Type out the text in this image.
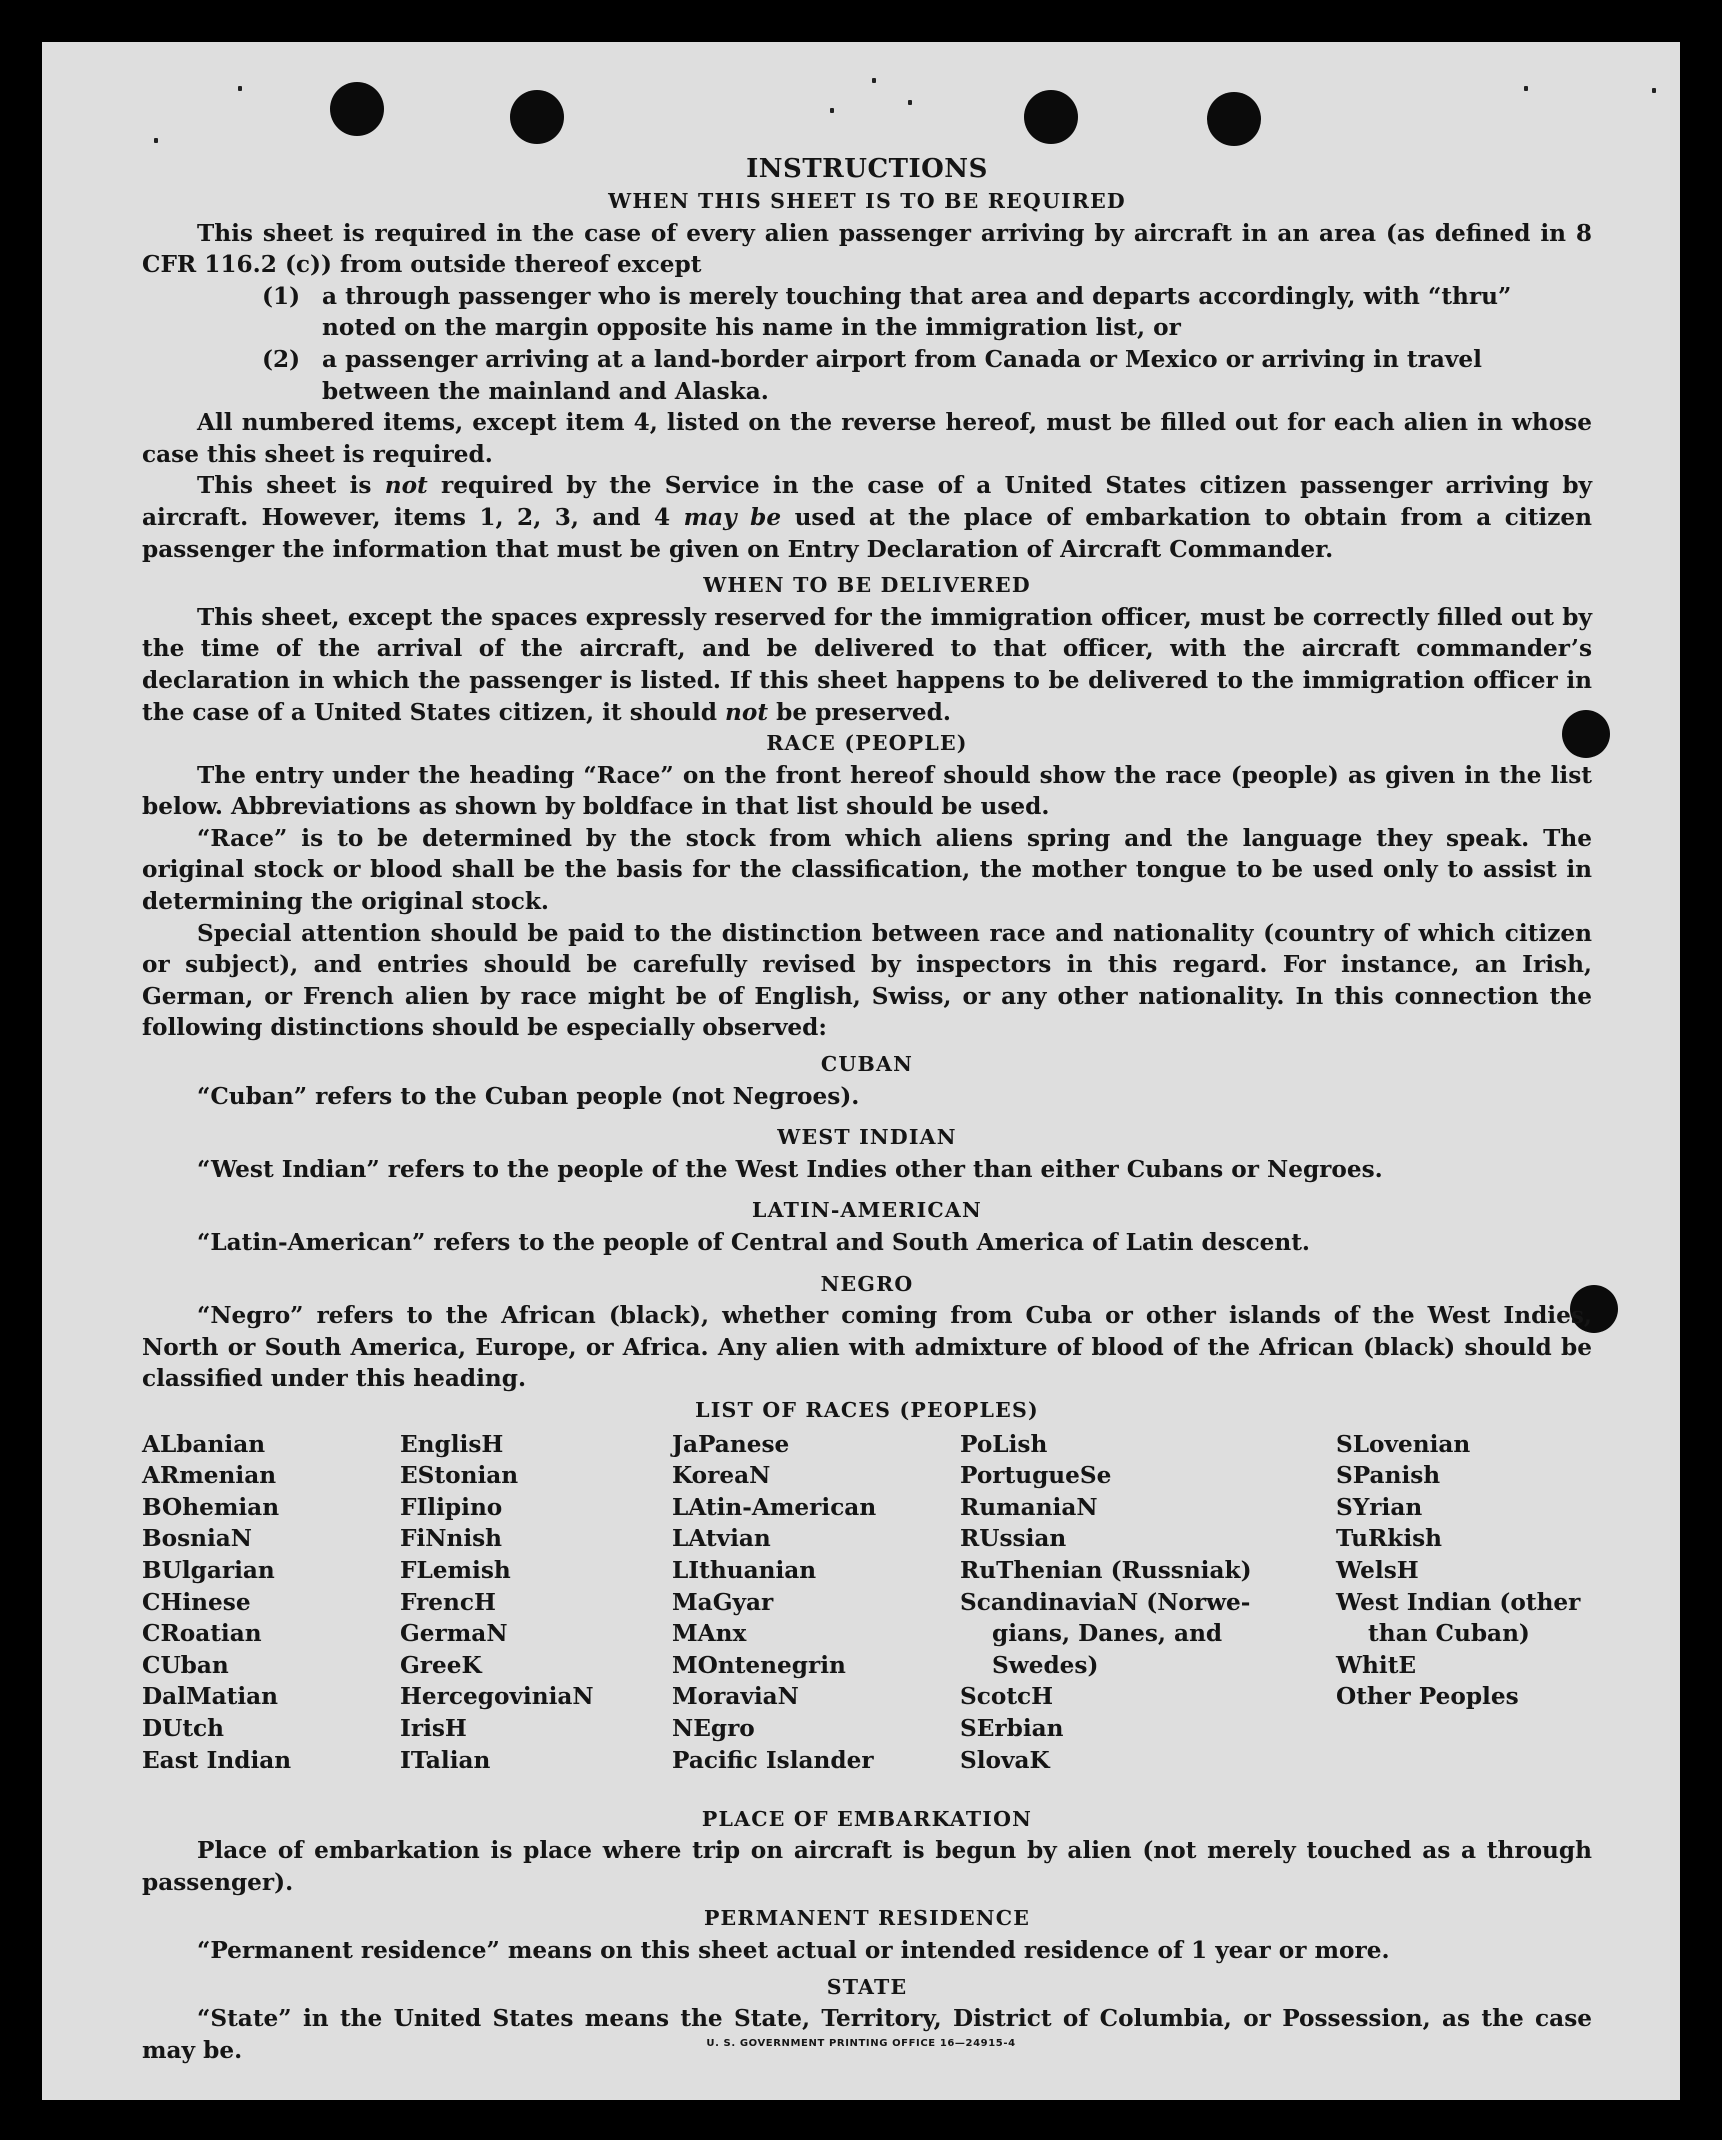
INSTRUCTIONS
WHEN THIS SHEET IS TO BE REQUIRED

This sheet is required in the case of every alien passenger arriving by aircraft in an area (as defined in 8 CFR 116.2 (c)) from outside thereof except

(1) a through passenger who is merely touching that area and departs accordingly, with “thru” noted on the margin opposite his name in the immigration list, or

(2) a passenger arriving at a land-border airport from Canada or Mexico or arriving in travel between the mainland and Alaska.

All numbered items, except item 4, listed on the reverse hereof, must be filled out for each alien in whose case this sheet is required.

This sheet is not required by the Service in the case of a United States citizen passenger arriving by aircraft. However, items 1, 2, 3, and 4 may be used at the place of embarkation to obtain from a citizen passenger the information that must be given on Entry Declaration of Aircraft Commander.

WHEN TO BE DELIVERED

This sheet, except the spaces expressly reserved for the immigration officer, must be correctly filled out by the time of the arrival of the aircraft, and be delivered to that officer, with the aircraft commander’s declaration in which the passenger is listed. If this sheet happens to be delivered to the immigration officer in the case of a United States citizen, it should not be preserved.

RACE (PEOPLE)

The entry under the heading “Race” on the front hereof should show the race (people) as given in the list below. Abbreviations as shown by boldface in that list should be used.

“Race” is to be determined by the stock from which aliens spring and the language they speak. The original stock or blood shall be the basis for the classification, the mother tongue to be used only to assist in determining the original stock.

Special attention should be paid to the distinction between race and nationality (country of which citizen or subject), and entries should be carefully revised by inspectors in this regard. For instance, an Irish, German, or French alien by race might be of English, Swiss, or any other nationality. In this connection the following distinctions should be especially observed:

CUBAN

“Cuban” refers to the Cuban people (not Negroes).

WEST INDIAN

“West Indian” refers to the people of the West Indies other than either Cubans or Negroes.

LATIN-AMERICAN

“Latin-American” refers to the people of Central and South America of Latin descent.

NEGRO

“Negro” refers to the African (black), whether coming from Cuba or other islands of the West Indies, North or South America, Europe, or Africa. Any alien with admixture of blood of the African (black) should be classified under this heading.

LIST OF RACES (PEOPLES)
ALbanian
ARmenian
BOhemian
BosniaN
BUlgarian
CHinese
CRoatian
CUban
DalMatian
DUtch
East Indian
EnglisH
EStonian
FIlipino
FiNnish
FLemish
FrencH
GermaN
GreeK
HercegoviniaN
IrisH
ITalian
JaPanese
KoreaN
LAtin-American
LAtvian
LIthuanian
MaGyar
MAnx
MOntenegrin
MoraviaN
NEgro
Pacific Islander
PoLish
PortugueSe
RumaniaN
RUssian
RuThenian (Russniak)
ScandinaviaN (Norwe-
gians, Danes, and Swedes)
ScotcH
SErbian
SlovaK
SLovenian
SPanish
SYrian
TuRkish
WelsH
West Indian (other
than Cuban)
WhitE
Other Peoples
PLACE OF EMBARKATION

Place of embarkation is place where trip on aircraft is begun by alien (not merely touched as a through passenger).

PERMANENT RESIDENCE

“Permanent residence” means on this sheet actual or intended residence of 1 year or more.

STATE

“State” in the United States means the State, Territory, District of Columbia, or Possession, as the case may be.	U. S. GOVERNMENT PRINTING OFFICE 16—24915-4
